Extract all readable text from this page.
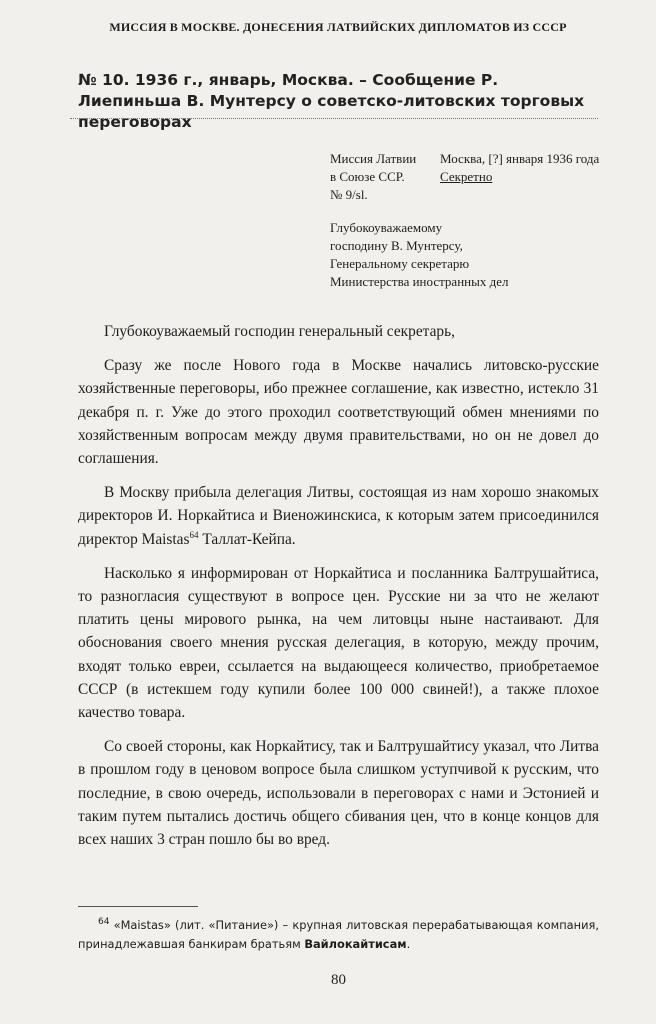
МИССИЯ В МОСКВЕ. ДОНЕСЕНИЯ ЛАТВИЙСКИХ ДИПЛОМАТОВ ИЗ СССР
№ 10. 1936 г., январь, Москва. – Сообщение Р. Лиепиньша В. Мунтерсу о советско-литовских торговых переговорах
Миссия Латвии	Москва, [?] января 1936 года
в Союзе ССР.	Секретно
№ 9/sl.
Глубокоуважаемому
господину В. Мунтерсу,
Генеральному секретарю
Министерства иностранных дел

Глубокоуважаемый господин генеральный секретарь,

Сразу же после Нового года в Москве начались литовско-русские хозяйственные переговоры, ибо прежнее соглашение, как известно, истекло 31 декабря п. г. Уже до этого проходил соответствующий обмен мнениями по хозяйственным вопросам между двумя правительствами, но он не довел до соглашения.

В Москву прибыла делегация Литвы, состоящая из нам хорошо знакомых директоров И. Норкайтиса и Виеножинскиса, к которым затем присоединился директор Maistas$^{64}$ Таллат-Кейпа.

Насколько я информирован от Норкайтиса и посланника Балтрушайтиса, то разногласия существуют в вопросе цен. Русские ни за что не желают платить цены мирового рынка, на чем литовцы ныне настаивают. Для обоснования своего мнения русская делегация, в которую, между прочим, входят только евреи, ссылается на выдающееся количество, приобретаемое СССР (в истекшем году купили более 100 000 свиней!), а также плохое качество товара.

Со своей стороны, как Норкайтису, так и Балтрушайтису указал, что Литва в прошлом году в ценовом вопросе была слишком уступчивой к русским, что последние, в свою очередь, использовали в переговорах с нами и Эстонией и таким путем пытались достичь общего сбивания цен, что в конце концов для всех наших 3 стран пошло бы во вред.

$^{64}$ «Maistas» (лит. «Питание») – крупная литовская перерабатывающая компания, принадлежавшая банкирам братьям Вайлокайтисам.
80
